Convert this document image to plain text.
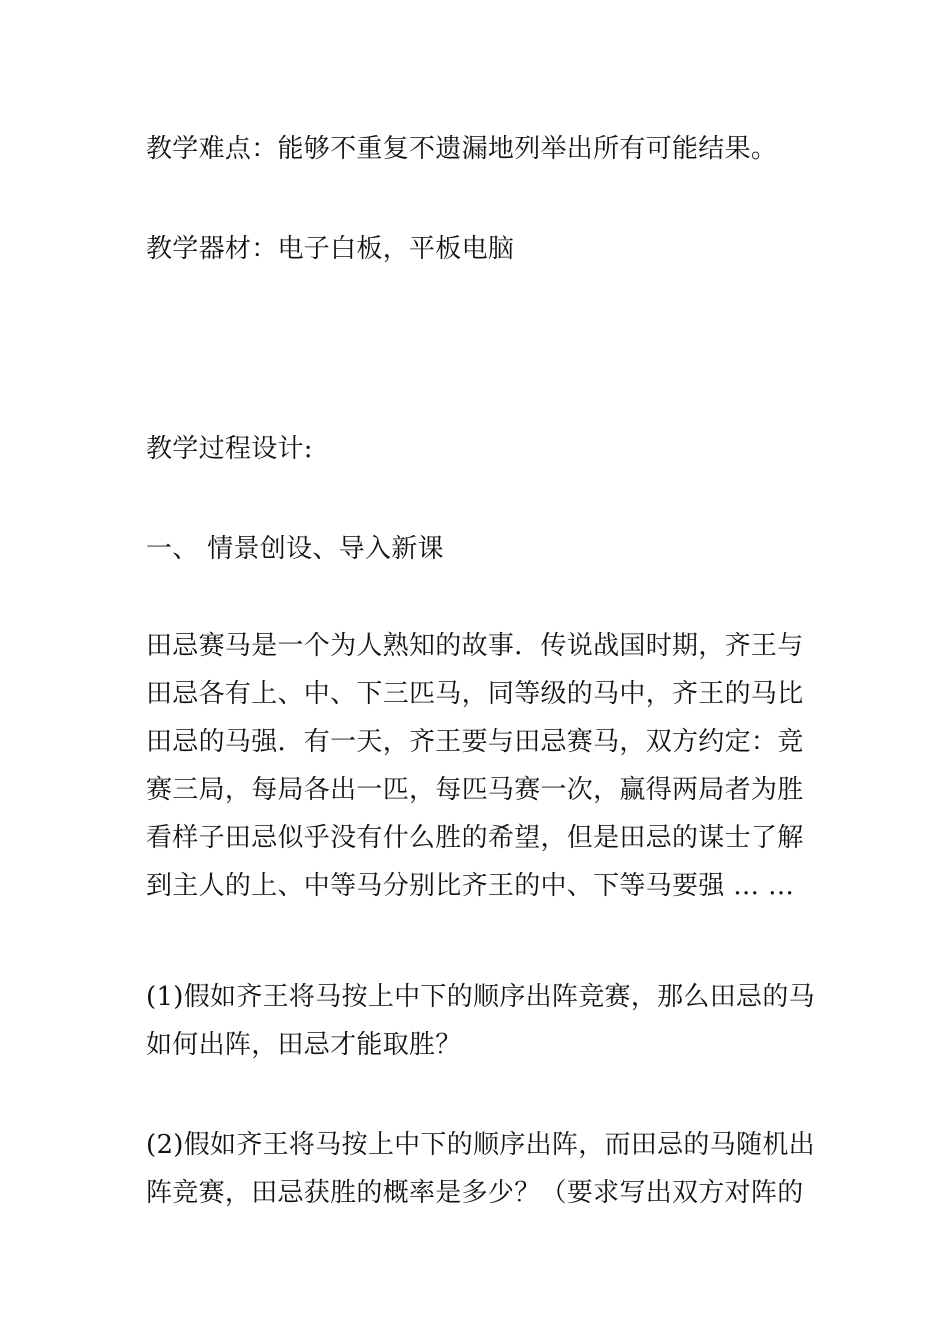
教学难点：能够不重复不遗漏地列举出所有可能结果。
教学器材：电子白板，平板电脑
教学过程设计:
一、 情景创设、导入新课
田忌赛马是一个为人熟知的故事．传说战国时期，齐王与
田忌各有上、中、下三匹马，同等级的马中，齐王的马比
田忌的马强．有一天，齐王要与田忌赛马，双方约定：竞
赛三局，每局各出一匹，每匹马赛一次，赢得两局者为胜
看样子田忌似乎没有什么胜的希望，但是田忌的谋士了解
到主人的上、中等马分别比齐王的中、下等马要强 … …
(1)假如齐王将马按上中下的顺序出阵竞赛，那么田忌的马
如何出阵，田忌才能取胜？
(2)假如齐王将马按上中下的顺序出阵，而田忌的马随机出
阵竞赛，田忌获胜的概率是多少？（要求写出双方对阵的
